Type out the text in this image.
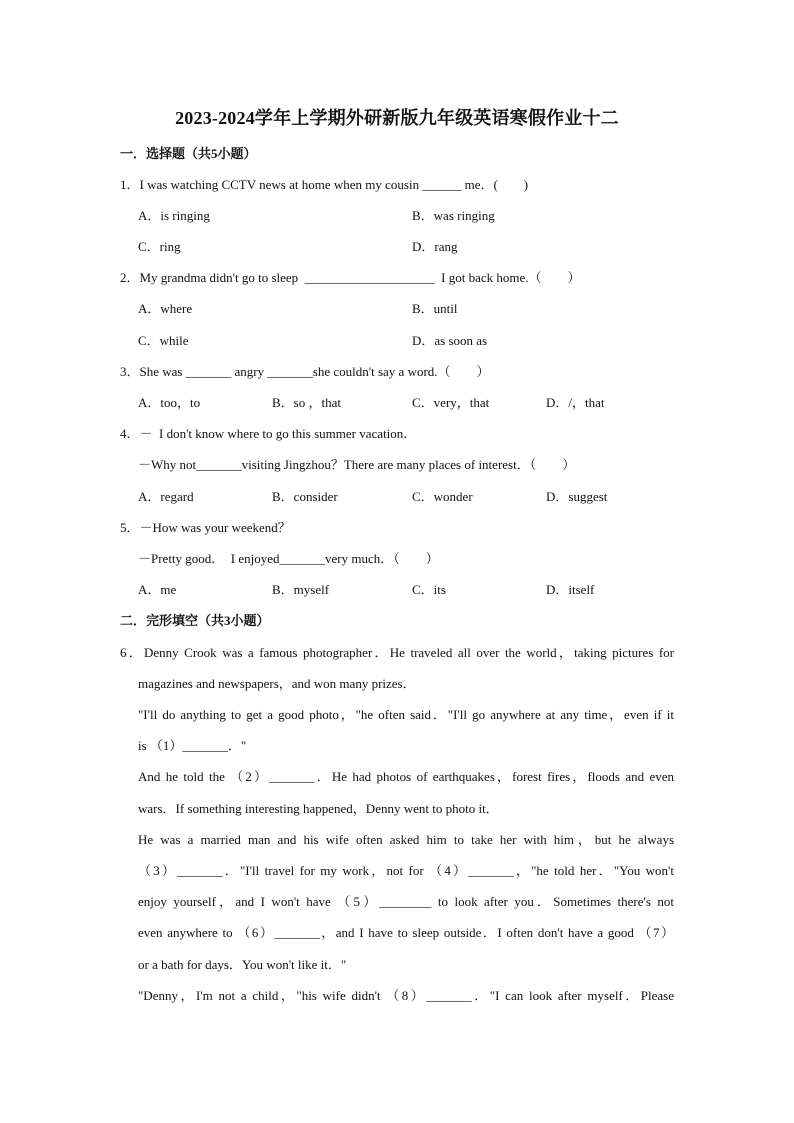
2023-2024学年上学期外研新版九年级英语寒假作业十二
一．选择题（共5小题）
1．I was watching CCTV news at home when my cousin ______ me．(　　)
A．is ringing	B．was ringing
C．ring	D．rang
2．My grandma didn't go to sleep  ____________________  I got back home.（　　）
A．where	B．until
C．while	D．as soon as
3．She was _______ angry _______she couldn't say a word.（　　）
A．too，to	B．so ，that	C．very，that	D．/，that
4．－  I don't know where to go this summer vacation．
－Why not_______visiting Jingzhou？There are many places of interest．（　　）
A．regard	B．consider	C．wonder	D．suggest
5．－How was your weekend？
－Pretty good．  I enjoyed_______very much．（　　）
A．me	B．myself	C．its	D．itself
二．完形填空（共3小题）
6．Denny Crook was a famous photographer．He traveled all over the world，taking pictures for
magazines and newspapers，and won many prizes．
"I'll do anything to get a good photo，"he often said．"I'll go anywhere at any time，even if it
is （1）_______．"
And he told the （2）_______．He had photos of earthquakes，forest fires，floods and even
wars．If something interesting happened，Denny went to photo it．
He was a married man and his wife often asked him to take her with him，but he always
（3）_______．"I'll travel for my work，not for （4）_______，"he told her．"You won't
enjoy yourself，and I won't have （5）________ to look after you．Sometimes there's not
even anywhere to （6）_______，and I have to sleep outside．I often don't have a good （7）
or a bath for days．You won't like it．"
"Denny，I'm not a child，"his wife didn't （8）_______．"I can look after myself．Please
